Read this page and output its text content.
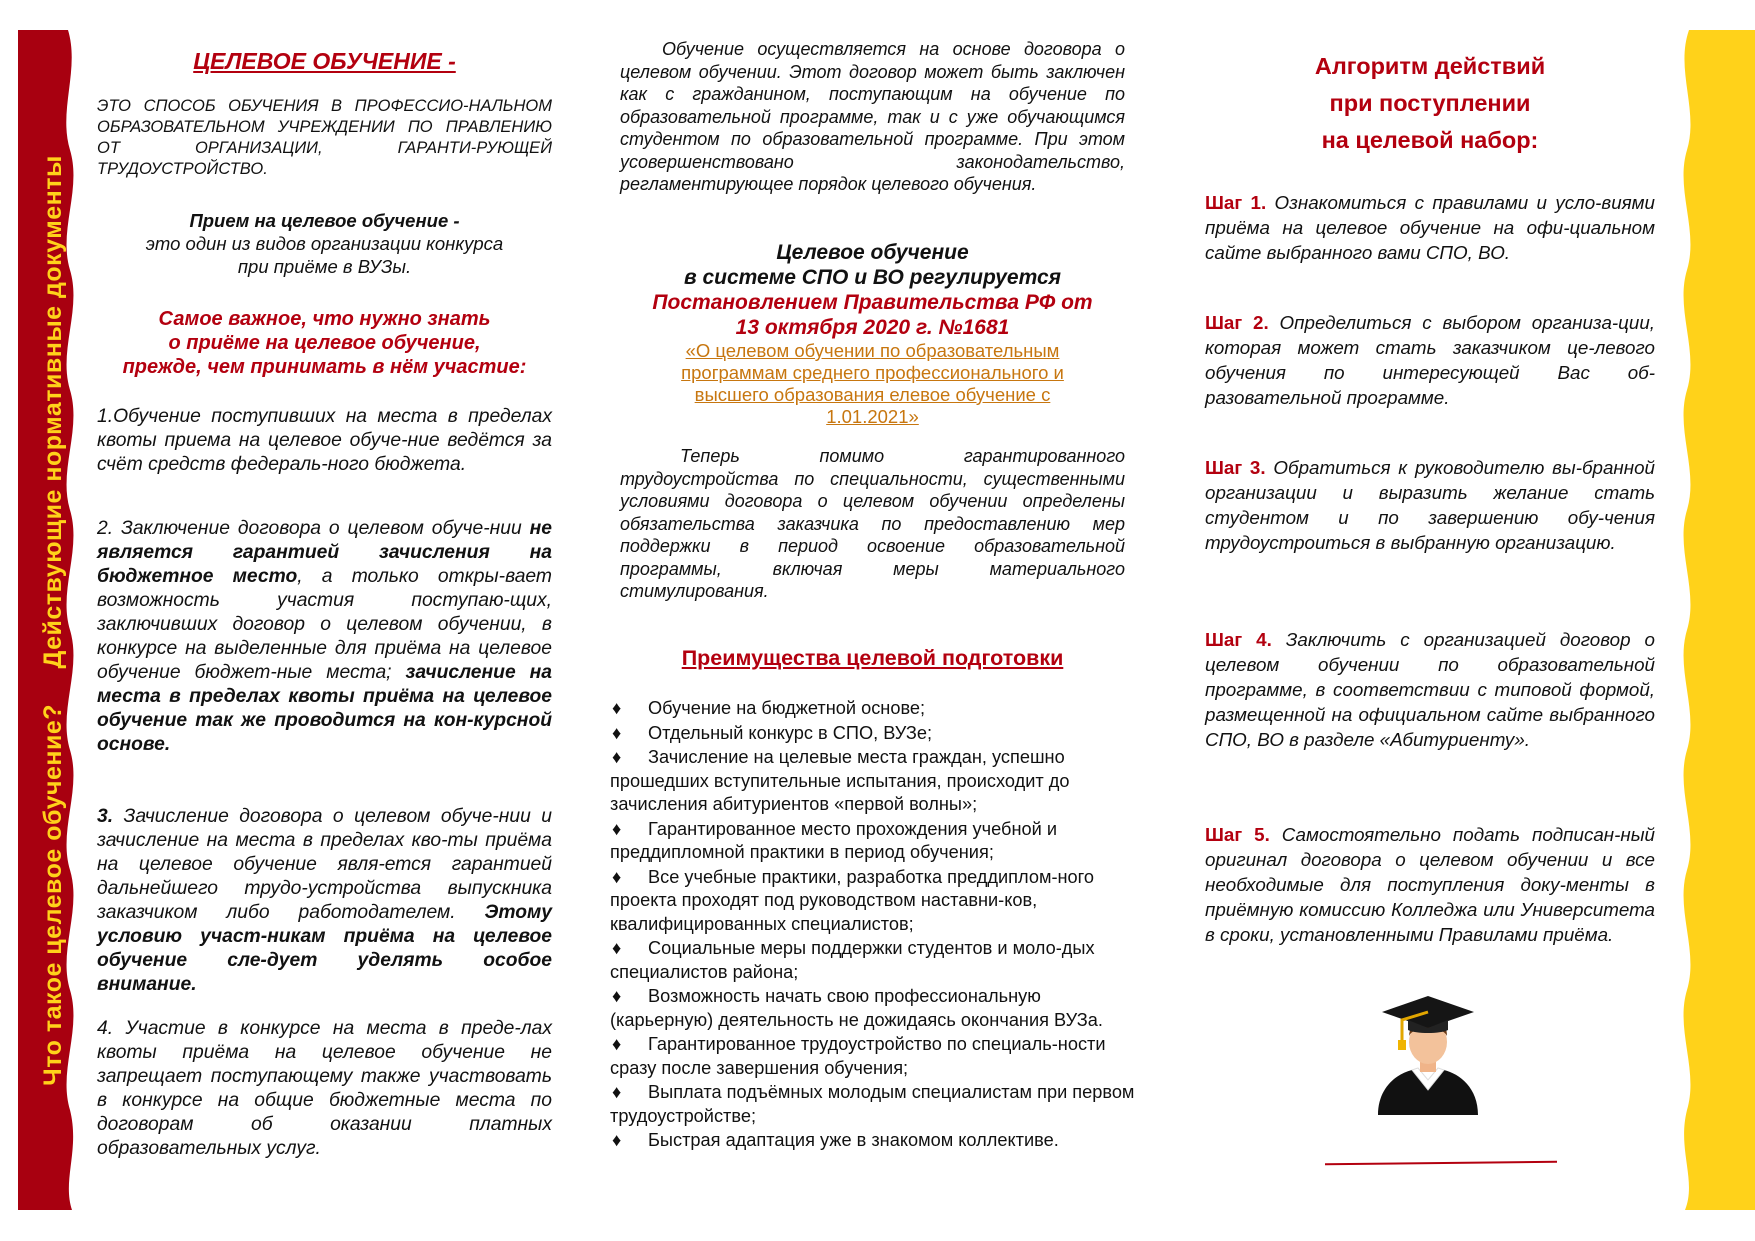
Что такое целевое обучение? Действующие нормативные документы
ЦЕЛЕВОЕ ОБУЧЕНИЕ -

ЭТО СПОСОБ ОБУЧЕНИЯ В ПРОФЕССИО-НАЛЬНОМ ОБРАЗОВАТЕЛЬНОМ УЧРЕЖДЕНИИ ПО ПРАВЛЕНИЮ ОТ ОРГАНИЗАЦИИ, ГАРАНТИ-РУЮЩЕЙ ТРУДОУСТРОЙСТВО.

Прием на целевое обучение -

это один из видов организации конкурса

при приёме в ВУЗы.

Самое важное, что нужно знать

о приёме на целевое обучение,

прежде, чем принимать в нём участие:

1.Обучение поступивших на места в пределах квоты приема на целевое обуче-ние ведётся за счёт средств федераль-ного бюджета.

2. Заключение договора о целевом обуче-нии не является гарантией зачисления на бюджетное место, а только откры-вает возможность участия поступаю-щих, заключивших договор о целевом обучении, в конкурсе на выделенные для приёма на целевое обучение бюджет-ные места; зачисление на места в пределах квоты приёма на целевое обучение так же проводится на кон-курсной основе.

3. Зачисление договора о целевом обуче-нии и зачисление на места в пределах кво-ты приёма на целевое обучение явля-ется гарантией дальнейшего трудо-устройства выпускника заказчиком либо работодателем. Этому условию участ-никам приёма на целевое обучение сле-дует уделять особое внимание.

4. Участие в конкурсе на места в преде-лах квоты приёма на целевое обучение не запрещает поступающему также участвовать в конкурсе на общие бюджетные места по договорам об оказании платных образовательных услуг.

Обучение осуществляется на основе договора о целевом обучении. Этот договор может быть заключен как с гражданином, поступающим на обучение по образовательной программе, так и с уже обучающимся студентом по образовательной программе. При этом усовершенствовано законодательство, регламентирующее порядок целевого обучения.

Целевое обучение

в системе СПО и ВО регулируется

Постановлением Правительства РФ от

13 октября 2020 г. №1681

«О целевом обучении по образовательным программам среднего профессионального и высшего образования елевое обучение с 1.01.2021»

Теперь помимо гарантированного трудоустройства по специальности, существенными условиями договора о целевом обучении определены обязательства заказчика по предоставлению мер поддержки в период освоение образовательной программы, включая меры материального стимулирования.

Преимущества целевой подготовки
♦ Обучение на бюджетной основе;
♦ Отдельный конкурс в СПО, ВУЗе;
♦ Зачисление на целевые места граждан, успешно прошедших вступительные испытания, происходит до зачисления абитуриентов «первой волны»;
♦ Гарантированное место прохождения учебной и преддипломной практики в период обучения;
♦ Все учебные практики, разработка преддиплом-ного проекта проходят под руководством наставни-ков, квалифицированных специалистов;
♦ Социальные меры поддержки студентов и моло-дых специалистов района;
♦ Возможность начать свою профессиональную (карьерную) деятельность не дожидаясь окончания ВУЗа.
♦ Гарантированное трудоустройство по специаль-ности сразу после завершения обучения;
♦ Выплата подъёмных молодым специалистам при первом трудоустройстве;
♦ Быстрая адаптация уже в знакомом коллективе.

Алгоритм действий

при поступлении

на целевой набор:

Шаг 1. Ознакомиться с правилами и усло-виями приёма на целевое обучение на офи-циальном сайте выбранного вами СПО, ВО.

Шаг 2. Определиться с выбором организа-ции, которая может стать заказчиком це-левого обучения по интересующей Вас об-разовательной программе.

Шаг 3. Обратиться к руководителю вы-бранной организации и выразить желание стать студентом и по завершению обу-чения трудоустроиться в выбранную организацию.

Шаг 4. Заключить с организацией договор о целевом обучении по образовательной программе, в соответствии с типовой формой, размещенной на официальном сайте выбранного СПО, ВО в разделе «Абитуриенту».

Шаг 5. Самостоятельно подать подписан-ный оригинал договора о целевом обучении и все необходимые для поступления доку-менты в приёмную комиссию Колледжа или Университета в сроки, установленными Правилами приёма.
